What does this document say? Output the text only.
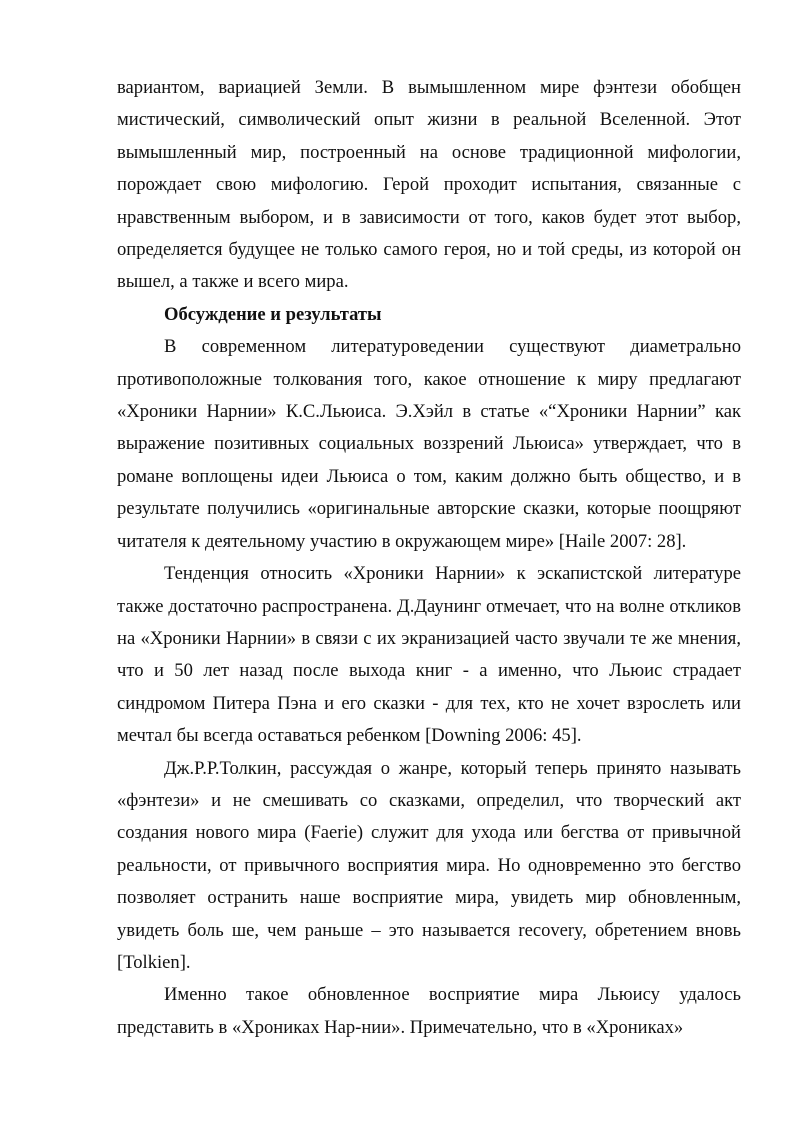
вариантом, вариацией Земли. В вымышленном мире фэнтези обобщен мистический, символический опыт жизни в реальной Вселенной. Этот вымышленный мир, построенный на основе традиционной мифологии, порождает свою мифологию. Герой проходит испытания, связанные с нравственным выбором, и в зависимости от того, каков будет этот выбор, определяется будущее не только самого героя, но и той среды, из которой он вышел, а также и всего мира.

Обсуждение и результаты

В современном литературоведении существуют диаметрально противоположные толкования того, какое отношение к миру предлагают «Хроники Нарнии» К.С.Льюиса. Э.Хэйл в статье «“Хроники Нарнии” как выражение позитивных социальных воззрений Льюиса» утверждает, что в романе воплощены идеи Льюиса о том, каким должно быть общество, и в результате получились «оригинальные авторские сказки, которые поощряют читателя к деятельному участию в окружающем мире» [Haile 2007: 28].

Тенденция относить «Хроники Нарнии» к эскапистской литературе также достаточно распространена. Д.Даунинг отмечает, что на волне откликов на «Хроники Нарнии» в связи с их экранизацией часто звучали те же мнения, что и 50 лет назад после выхода книг - а именно, что Льюис страдает синдромом Питера Пэна и его сказки - для тех, кто не хочет взрослеть или мечтал бы всегда оставаться ребенком [Downing 2006: 45].

Дж.Р.Р.Толкин, рассуждая о жанре, который теперь принято называть «фэнтези» и не смешивать со сказками, определил, что творческий акт создания нового мира (Faerie) служит для ухода или бегства от привычной реальности, от привычного восприятия мира. Но одновременно это бегство позволяет остранить наше восприятие мира, увидеть мир обновленным, увидеть боль ше, чем раньше – это называется recovery, обретением вновь [Tolkien].

Именно такое обновленное восприятие мира Льюису удалось представить в «Хрониках Нар-нии». Примечательно, что в «Хрониках»
